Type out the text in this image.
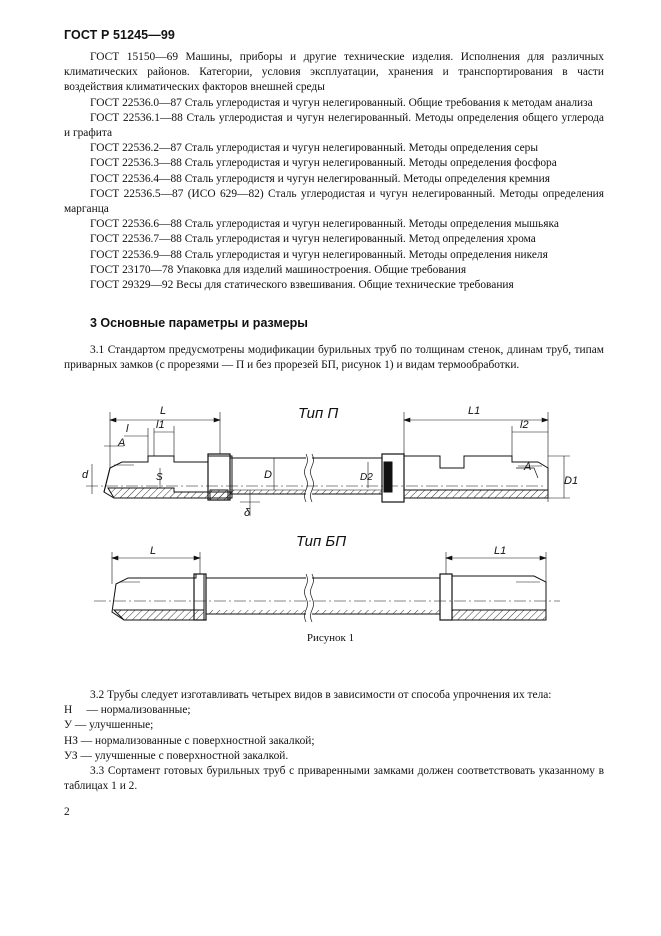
ГОСТ Р 51245—99
ГОСТ 15150—69 Машины, приборы и другие технические изделия. Исполнения для различных климатических районов. Категории, условия эксплуатации, хранения и транспортирования в части воздействия климатических факторов внешней среды
ГОСТ 22536.0—87 Сталь углеродистая и чугун нелегированный. Общие требования к методам анализа
ГОСТ 22536.1—88 Сталь углеродистая и чугун нелегированный. Методы определения общего углерода и графита
ГОСТ 22536.2—87 Сталь углеродистая и чугун нелегированный. Методы определения серы
ГОСТ 22536.3—88 Сталь углеродистая и чугун нелегированный. Методы определения фосфора
ГОСТ 22536.4—88 Сталь углеродистя и чугун нелегированный. Методы определения кремния
ГОСТ 22536.5—87 (ИСО 629—82) Сталь углеродистая и чугун нелегированный. Методы определения марганца
ГОСТ 22536.6—88 Сталь углеродистая и чугун нелегированный. Методы определения мышьяка
ГОСТ 22536.7—88 Сталь углеродистая и чугун нелегированный. Метод определения хрома
ГОСТ 22536.9—88 Сталь углеродистая и чугун нелегированный. Методы определения никеля
ГОСТ 23170—78 Упаковка для изделий машиностроения. Общие требования
ГОСТ 29329—92 Весы для статического взвешивания. Общие технические требования
3 Основные параметры и размеры
3.1 Стандартом предусмотрены модификации бурильных труб по толщинам стенок, длинам труб, типам приварных замков (с прорезями — П и без прорезей БП, рисунок 1) и видам термообработки.
Тип П
L
l	l1
A
d	S	D
δ
D2
L1
l2
A
D1
Тип БП
L	L1
Рисунок 1
3.2 Трубы следует изготавливать четырех видов в зависимости от способа упрочнения их тела:
Н     — нормализованные;
У — улучшенные;
НЗ — нормализованные с поверхностной закалкой;
УЗ — улучшенные с поверхностной закалкой.
3.3 Сортамент готовых бурильных труб с приваренными замками должен соответствовать указанному в таблицах 1 и 2.
2
